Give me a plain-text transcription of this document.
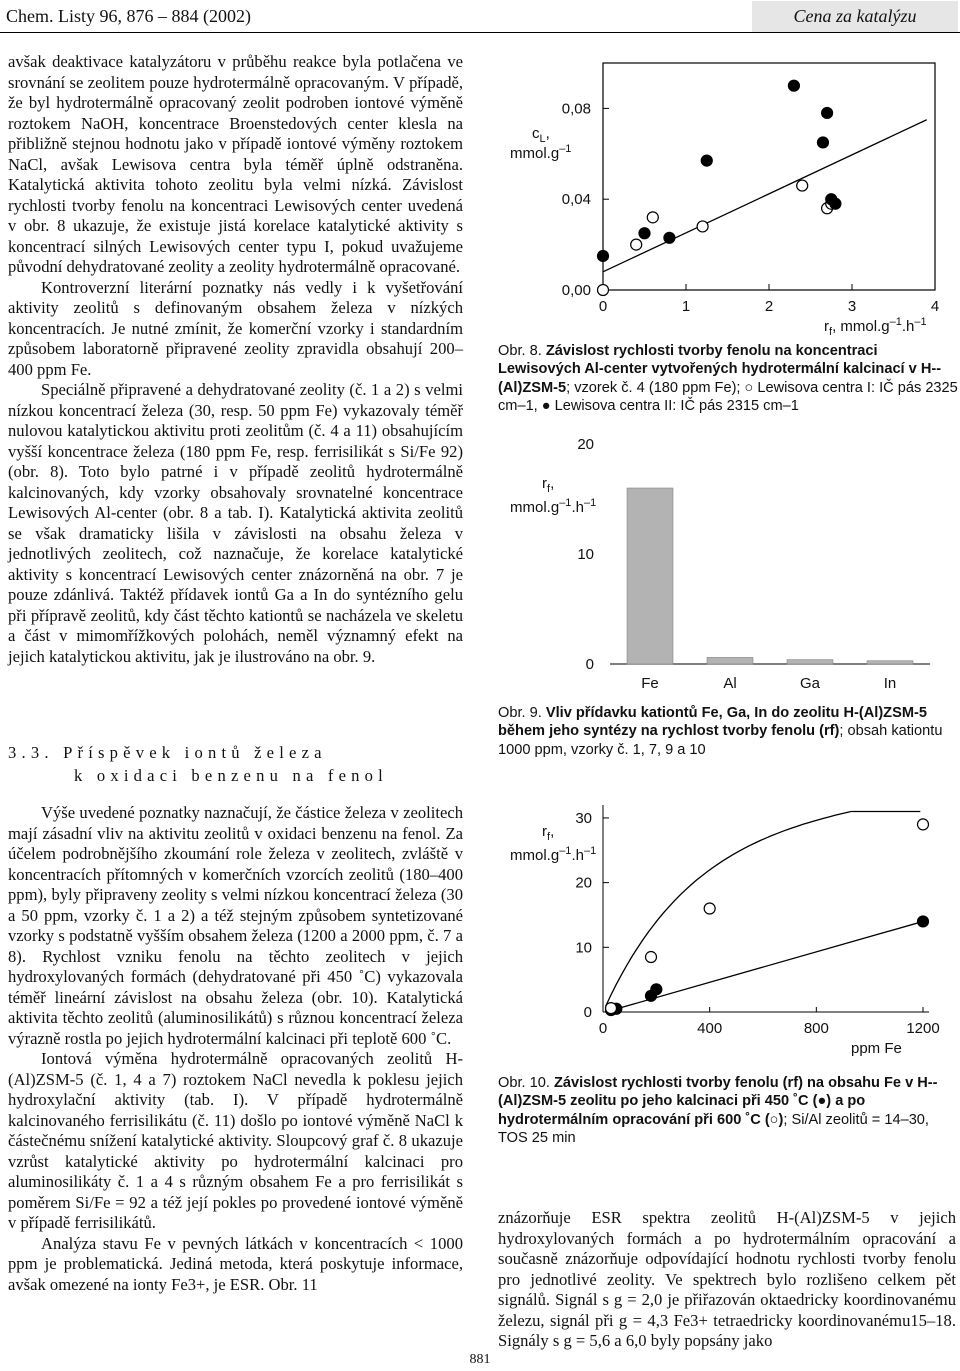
Chem. Listy 96, 876 – 884 (2002)	Cena za katalýzu

avšak deaktivace katalyzátoru v průběhu reakce byla potlačena ve srovnání se zeolitem pouze hydrotermálně opracovaným. V případě, že byl hydrotermálně opracovaný zeolit podroben iontové výměně roztokem NaOH, koncentrace Broenstedových center klesla na přibližně stejnou hodnotu jako v případě iontové výměny roztokem NaCl, avšak Lewisova centra byla téměř úplně odstraněna. Katalytická aktivita tohoto zeolitu byla velmi nízká. Závislost rychlosti tvorby fenolu na koncentraci Lewisových center uvedená v obr. 8 ukazuje, že existuje jistá korelace katalytické aktivity s koncentrací silných Lewisových center typu I, pokud uvažujeme původní dehydratované zeolity a zeolity hydrotermálně opracované.

Kontroverzní literární poznatky nás vedly i k vyšetřování aktivity zeolitů s definovaným obsahem železa v nízkých koncentracích. Je nutné zmínit, že komerční vzorky i standardním způsobem laboratorně připravené zeolity zpravidla obsahují 200–400 ppm Fe.

Speciálně připravené a dehydratované zeolity (č. 1 a 2) s velmi nízkou koncentrací železa (30, resp. 50 ppm Fe) vykazovaly téměř nulovou katalytickou aktivitu proti zeolitům (č. 4 a 11) obsahujícím vyšší koncentrace železa (180 ppm Fe, resp. ferrisilikát s Si/Fe 92) (obr. 8). Toto bylo patrné i v případě zeolitů hydrotermálně kalcinovaných, kdy vzorky obsahovaly srovnatelné koncentrace Lewisových Al-center (obr. 8 a tab. I). Katalytická aktivita zeolitů se však dramaticky lišila v závislosti na obsahu železa v jednotlivých zeolitech, což naznačuje, že korelace katalytické aktivity s koncentrací Lewisových center znázorněná na obr. 7 je pouze zdánlivá. Taktéž přídavek iontů Ga a In do syntézního gelu při přípravě zeolitů, kdy část těchto kationtů se nacházela ve skeletu a část v mimomřížkových polohách, neměl významný efekt na jejich katalytickou aktivitu, jak je ilustrováno na obr. 9.

3.3. Příspěvek iontů železa
k oxidaci benzenu na fenol

Výše uvedené poznatky naznačují, že částice železa v zeolitech mají zásadní vliv na aktivitu zeolitů v oxidaci benzenu na fenol. Za účelem podrobnějšího zkoumání role železa v zeolitech, zvláště v koncentracích přítomných v komerčních vzorcích zeolitů (180–400 ppm), byly připraveny zeolity s velmi nízkou koncentrací železa (30 a 50 ppm, vzorky č. 1 a 2) a též stejným způsobem syntetizované vzorky s podstatně vyšším obsahem železa (1200 a 2000 ppm, č. 7 a 8). Rychlost vzniku fenolu na těchto zeolitech v jejich hydroxylovaných formách (dehydratované při 450 ˚C) vykazovala téměř lineární závislost na obsahu železa (obr. 10). Katalytická aktivita těchto zeolitů (aluminosilikátů) s různou koncentrací železa výrazně rostla po jejich hydrotermální kalcinaci při teplotě 600 ˚C.

Iontová výměna hydrotermálně opracovaných zeolitů H-(Al)ZSM-5 (č. 1, 4 a 7) roztokem NaCl nevedla k poklesu jejich hydroxylační aktivity (tab. I). V případě hydrotermálně kalcinovaného ferrisilikátu (č. 11) došlo po iontové výměně NaCl k částečnému snížení katalytické aktivity. Sloupcový graf č. 8 ukazuje vzrůst katalytické aktivity po hydrotermální kalcinaci pro aluminosilikáty č. 1 a 4 s různým obsahem Fe a pro ferrisilikát s poměrem Si/Fe = 92 a též její pokles po provedené iontové výměně v případě ferrisilikátů.

Analýza stavu Fe v pevných látkách v koncentracích < 1000 ppm je problematická. Jediná metoda, která poskytuje informace, avšak omezené na ionty Fe3+, je ESR. Obr. 11

$c_L$, $mmol.g^{-1}$
0,00
0,04
0,08
0	1	2	3	4
$r_f$, $mmol.g^{-1}.h^{-1}$
Obr. 8. Závislost rychlosti tvorby fenolu na koncentraci Lewisových Al-center vytvořených hydrotermální kalcinací v H--(Al)ZSM-5; vzorek č. 4 (180 ppm Fe); ○ Lewisova centra I: IČ pás 2325 cm–1, ● Lewisova centra II: IČ pás 2315 cm–1
$r_f$, $mmol.g^{-1}.h^{-1}$
0
10
20
Fe	Al	Ga	In
Obr. 9. Vliv přídavku kationtů Fe, Ga, In do zeolitu H-(Al)ZSM-5 během jeho syntézy na rychlost tvorby fenolu (rf); obsah kationtu 1000 ppm, vzorky č. 1, 7, 9 a 10
$r_f$, $mmol.g^{-1}.h^{-1}$
0
10
20
30
0	400	800	1200
ppm Fe
Obr. 10. Závislost rychlosti tvorby fenolu (rf) na obsahu Fe v H--(Al)ZSM-5 zeolitu po jeho kalcinaci při 450 ˚C (●) a po hydrotermálním opracování při 600 ˚C (○); Si/Al zeolitů = 14–30, TOS 25 min

znázorňuje ESR spektra zeolitů H-(Al)ZSM-5 v jejich hydroxylovaných formách a po hydrotermálním opracování a současně znázorňuje odpovídající hodnotu rychlosti tvorby fenolu pro jednotlivé zeolity. Ve spektrech bylo rozlišeno celkem pět signálů. Signál s g = 2,0 je přiřazován oktaedricky koordinovanému železu, signál při g = 4,3 Fe3+ tetraedricky koordinovanému15–18. Signály s g = 5,6 a 6,0 byly popsány jako

881
